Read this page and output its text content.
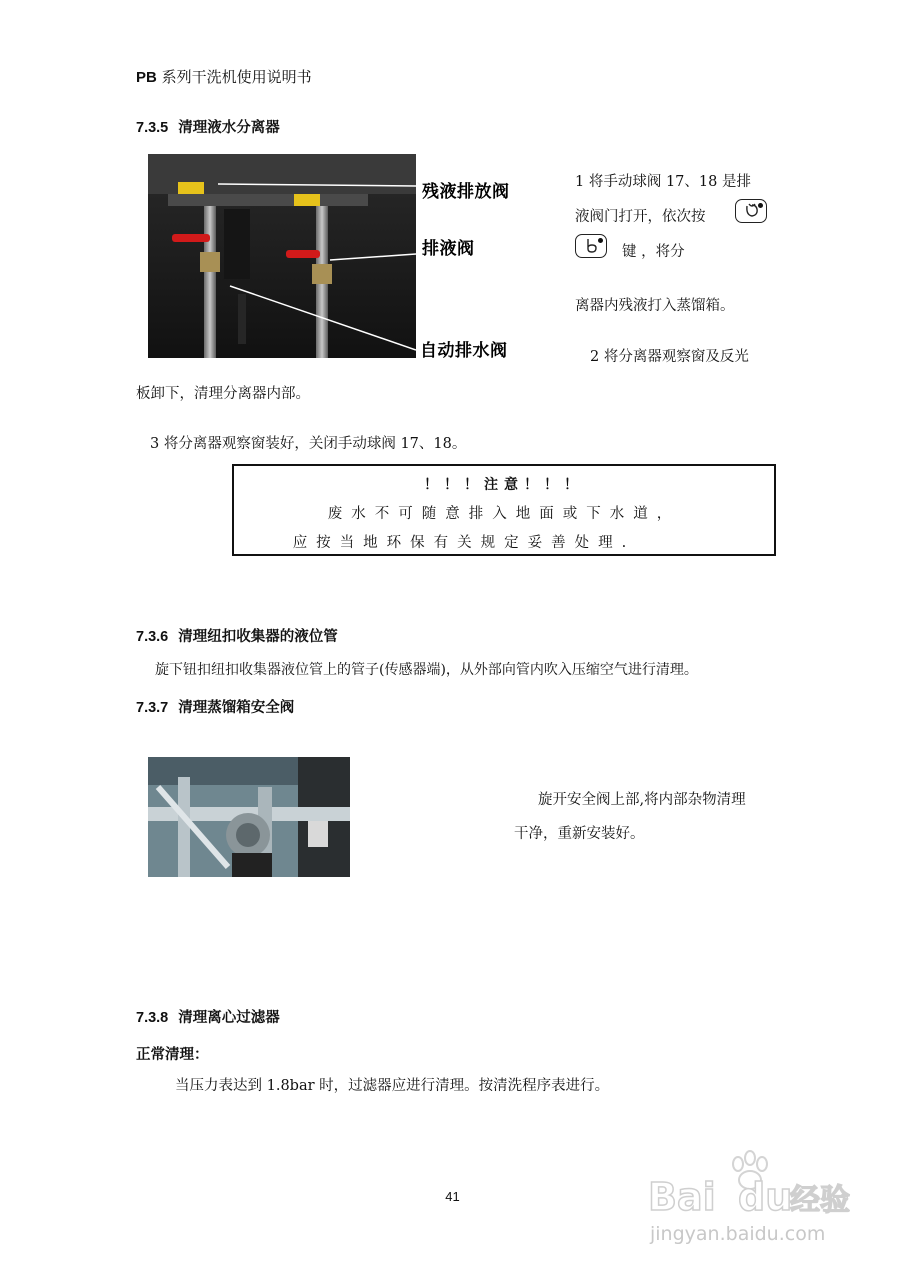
PB 系列干洗机使用说明书
7.3.5 清理液水分离器
残液排放阀
排液阀
自动排水阀
1 将手动球阀 17、18 是排
液阀门打开，依次按
键 ，将分
离器内残液打入蒸馏箱。
2 将分离器观察窗及反光
板卸下，清理分离器内部。
3 将分离器观察窗装好，关闭手动球阀 17、18。
！！！注意！！！
废水不可随意排入地面或下水道，
应按当地环保有关规定妥善处理.
7.3.6 清理纽扣收集器的液位管
旋下钮扣纽扣收集器液位管上的管子(传感器端)，从外部向管内吹入压缩空气进行清理。
7.3.7 清理蒸馏箱安全阀
旋开安全阀上部,将内部杂物清理
干净，重新安装好。
7.3.8 清理离心过滤器
正常清理：
当压力表达到 1.8bar 时，过滤器应进行清理。按清洗程序表进行。
41	Bai du
经验
jingyan.baidu.com
